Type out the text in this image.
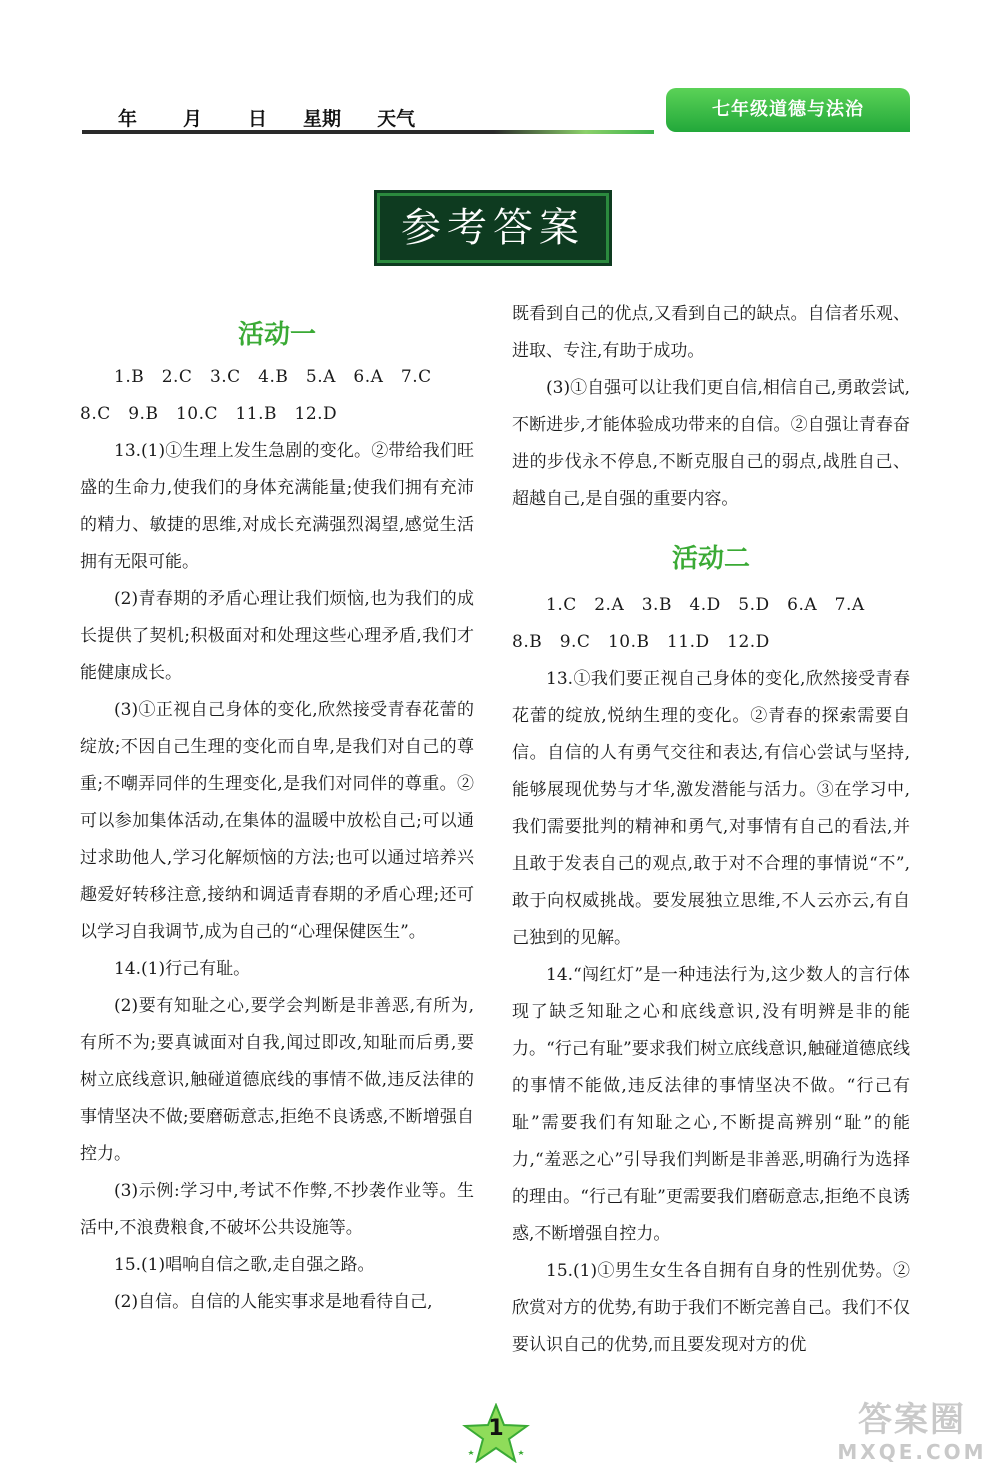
年 月 日 星期 天气	七年级道德与法治
参考答案
活动一

1.B　2.C　3.C　4.B　5.A　6.A　7.C

8.C　9.B　10.C　11.B　12.D

13.(1)①生理上发生急剧的变化。②带给我们旺盛的生命力,使我们的身体充满能量;使我们拥有充沛的精力、敏捷的思维,对成长充满强烈渴望,感觉生活拥有无限可能。

(2)青春期的矛盾心理让我们烦恼,也为我们的成长提供了契机;积极面对和处理这些心理矛盾,我们才能健康成长。

(3)①正视自己身体的变化,欣然接受青春花蕾的绽放;不因自己生理的变化而自卑,是我们对自己的尊重;不嘲弄同伴的生理变化,是我们对同伴的尊重。②可以参加集体活动,在集体的温暖中放松自己;可以通过求助他人,学习化解烦恼的方法;也可以通过培养兴趣爱好转移注意,接纳和调适青春期的矛盾心理;还可以学习自我调节,成为自己的“心理保健医生”。

14.(1)行己有耻。

(2)要有知耻之心,要学会判断是非善恶,有所为,有所不为;要真诚面对自我,闻过即改,知耻而后勇,要树立底线意识,触碰道德底线的事情不做,违反法律的事情坚决不做;要磨砺意志,拒绝不良诱惑,不断增强自控力。

(3)示例:学习中,考试不作弊,不抄袭作业等。生活中,不浪费粮食,不破坏公共设施等。

15.(1)唱响自信之歌,走自强之路。

(2)自信。自信的人能实事求是地看待自己,

既看到自己的优点,又看到自己的缺点。自信者乐观、进取、专注,有助于成功。

(3)①自强可以让我们更自信,相信自己,勇敢尝试,不断进步,才能体验成功带来的自信。②自强让青春奋进的步伐永不停息,不断克服自己的弱点,战胜自己、超越自己,是自强的重要内容。

活动二

1.C　2.A　3.B　4.D　5.D　6.A　7.A

8.B　9.C　10.B　11.D　12.D

13.①我们要正视自己身体的变化,欣然接受青春花蕾的绽放,悦纳生理的变化。②青春的探索需要自信。自信的人有勇气交往和表达,有信心尝试与坚持,能够展现优势与才华,激发潜能与活力。③在学习中,我们需要批判的精神和勇气,对事情有自己的看法,并且敢于发表自己的观点,敢于对不合理的事情说“不”,敢于向权威挑战。要发展独立思维,不人云亦云,有自己独到的见解。

14.“闯红灯”是一种违法行为,这少数人的言行体现了缺乏知耻之心和底线意识,没有明辨是非的能力。“行己有耻”要求我们树立底线意识,触碰道德底线的事情不能做,违反法律的事情坚决不做。“行己有耻”需要我们有知耻之心,不断提高辨别“耻”的能力,“羞恶之心”引导我们判断是非善恶,明确行为选择的理由。“行己有耻”更需要我们磨砺意志,拒绝不良诱惑,不断增强自控力。

15.(1)①男生女生各自拥有自身的性别优势。②欣赏对方的优势,有助于我们不断完善自己。我们不仅要认识自己的优势,而且要发现对方的优

1	答案圈
MXQE.COM
